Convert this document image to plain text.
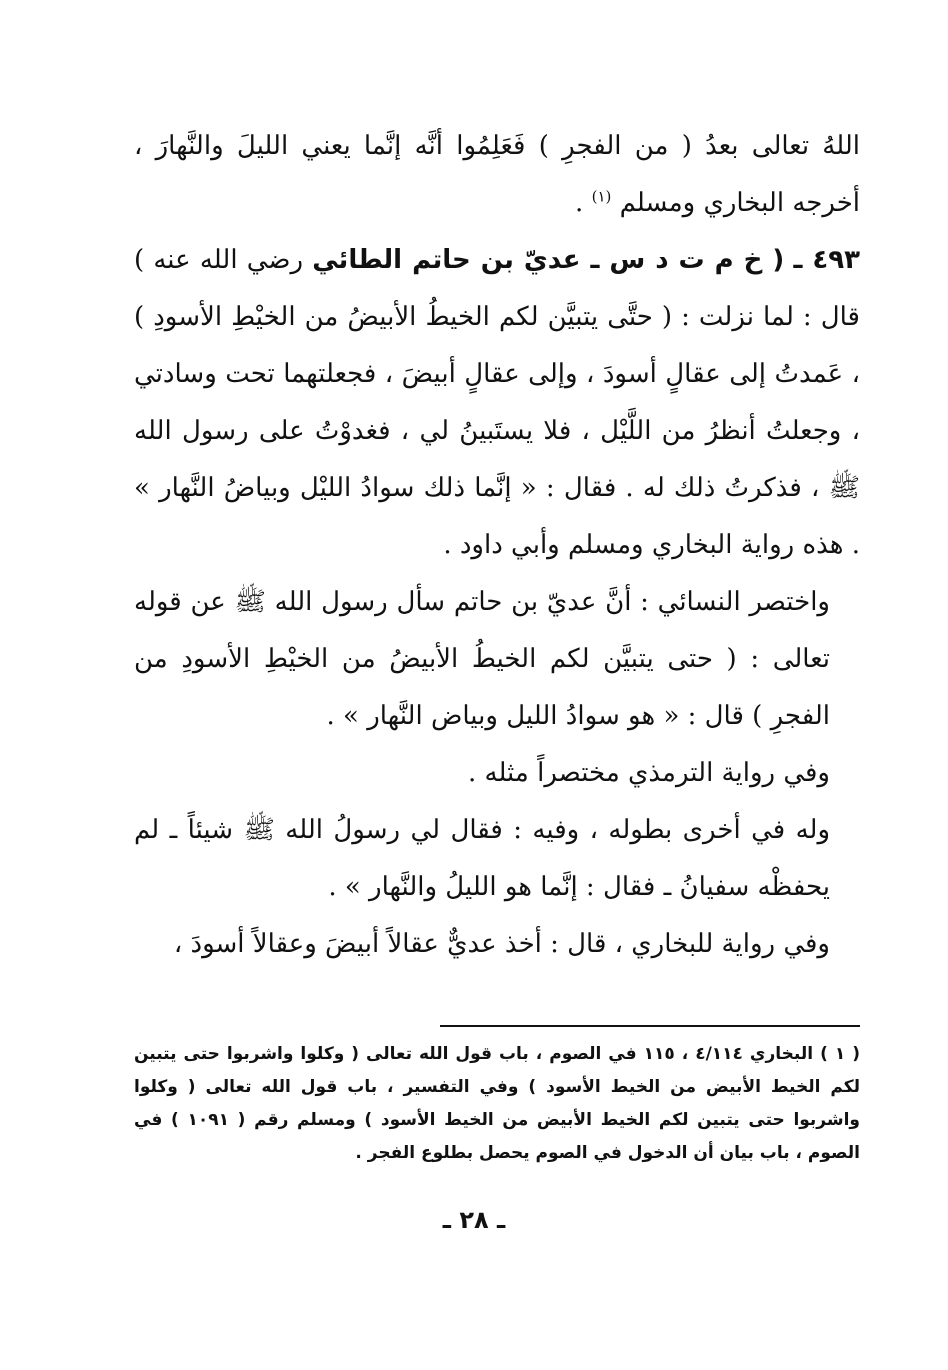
اللهُ تعالى بعدُ ( من الفجرِ ) فَعَلِمُوا أنَّه إنَّما يعني الليلَ والنَّهارَ ، أخرجه البخاري ومسلم $^{(١)}$ .

٤٩٣ ـ ( خ م ت د س ـ عديّ بن حاتم الطائي رضي الله عنه ) قال : لما نزلت : ( حتَّى يتبيَّن لكم الخيطُ الأبيضُ من الخيْطِ الأسودِ ) ، عَمدتُ إلى عقالٍ أسودَ ، وإلى عقالٍ أبيضَ ، فجعلتهما تحت وسادتي ، وجعلتُ أنظرُ من اللَّيْل ، فلا يستَبينُ لي ، فغدوْتُ على رسول الله ﷺ ، فذكرتُ ذلك له . فقال : « إنَّما ذلك سوادُ الليْل وبياضُ النَّهار » . هذه رواية البخاري ومسلم وأبي داود .

واختصر النسائي : أنَّ عديّ بن حاتم سأل رسول الله ﷺ عن قوله تعالى : ( حتى يتبيَّن لكم الخيطُ الأبيضُ من الخيْطِ الأسودِ من الفجرِ ) قال : « هو سوادُ الليل وبياض النَّهار » .

وفي رواية الترمذي مختصراً مثله .

وله في أخرى بطوله ، وفيه : فقال لي رسولُ الله ﷺ شيئاً ـ لم يحفظْه سفيانُ ـ فقال : إنَّما هو الليلُ والنَّهار » .

وفي رواية للبخاري ، قال : أخذ عديٌّ عقالاً أبيضَ وعقالاً أسودَ ،

( ١ ) البخاري ٤/١١٤ ، ١١٥ في الصوم ، باب قول الله تعالى ( وكلوا واشربوا حتى يتبين لكم الخيط الأبيض من الخيط الأسود ) وفي التفسير ، باب قول الله تعالى ( وكلوا واشربوا حتى يتبين لكم الخيط الأبيض من الخيط الأسود ) ومسلم رقم ( ١٠٩١ ) في الصوم ، باب بيان أن الدخول في الصوم يحصل بطلوع الفجر .

ـ ٢٨ ـ
